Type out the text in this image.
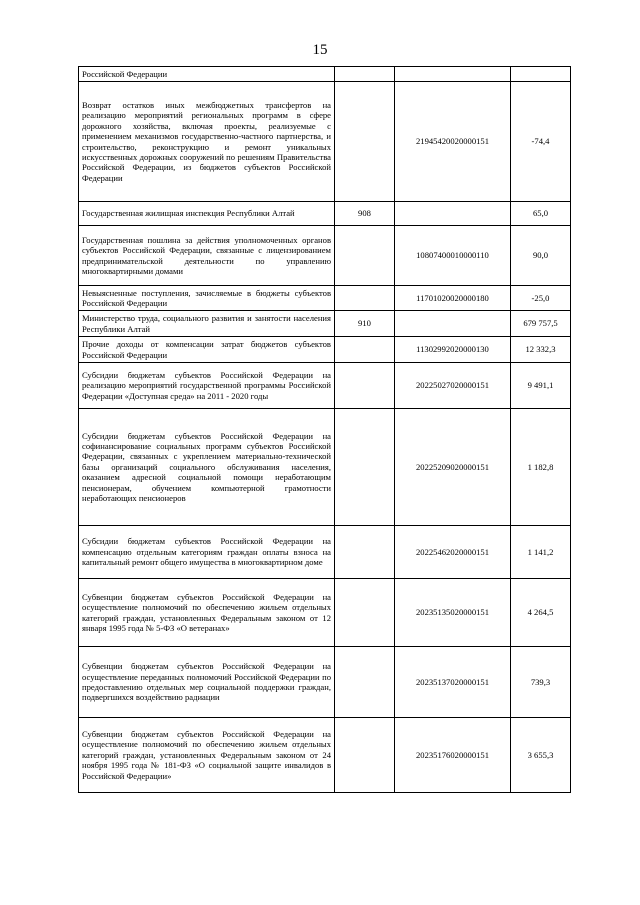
15
Российской Федерации			
Возврат остатков иных межбюджетных трансфертов на реализацию мероприятий региональных программ в сфере дорожного хозяйства, включая проекты, реализуемые с применением механизмов государственно-частного партнерства, и строительство, реконструкцию и ремонт уникальных искусственных дорожных сооружений по решениям Правительства Российской Федерации, из бюджетов субъектов Российской Федерации		21945420020000151	-74,4
Государственная жилищная инспекция Республики Алтай	908		65,0
Государственная пошлина за действия уполномоченных органов субъектов Российской Федерации, связанные с лицензированием предпринимательской деятельности по управлению многоквартирными домами		10807400010000110	90,0
Невыясненные поступления, зачисляемые в бюджеты субъектов Российской Федерации		11701020020000180	-25,0
Министерство труда, социального развития и занятости населения Республики Алтай	910		679 757,5
Прочие доходы от компенсации затрат бюджетов субъектов Российской Федерации		11302992020000130	12 332,3
Субсидии бюджетам субъектов Российской Федерации на реализацию мероприятий государственной программы Российской Федерации «Доступная среда» на 2011 - 2020 годы		20225027020000151	9 491,1
Субсидии бюджетам субъектов Российской Федерации на софинансирование социальных программ субъектов Российской Федерации, связанных с укреплением материально-технической базы организаций социального обслуживания населения, оказанием адресной социальной помощи неработающим пенсионерам, обучением компьютерной грамотности неработающих пенсионеров		20225209020000151	1 182,8
Субсидии бюджетам субъектов Российской Федерации на компенсацию отдельным категориям граждан оплаты взноса на капитальный ремонт общего имущества в многоквартирном доме		20225462020000151	1 141,2
Субвенции бюджетам субъектов Российской Федерации на осуществление полномочий по обеспечению жильем отдельных категорий граждан, установленных Федеральным законом от 12 января 1995 года № 5-ФЗ «О ветеранах»		20235135020000151	4 264,5
Субвенции бюджетам субъектов Российской Федерации на осуществление переданных полномочий Российской Федерации по предоставлению отдельных мер социальной поддержки граждан, подвергшихся воздействию радиации		20235137020000151	739,3
Субвенции бюджетам субъектов Российской Федерации на осуществление полномочий по обеспечению жильем отдельных категорий граждан, установленных Федеральным законом от 24 ноября 1995 года № 181-ФЗ «О социальной защите инвалидов в Российской Федерации»		20235176020000151	3 655,3
